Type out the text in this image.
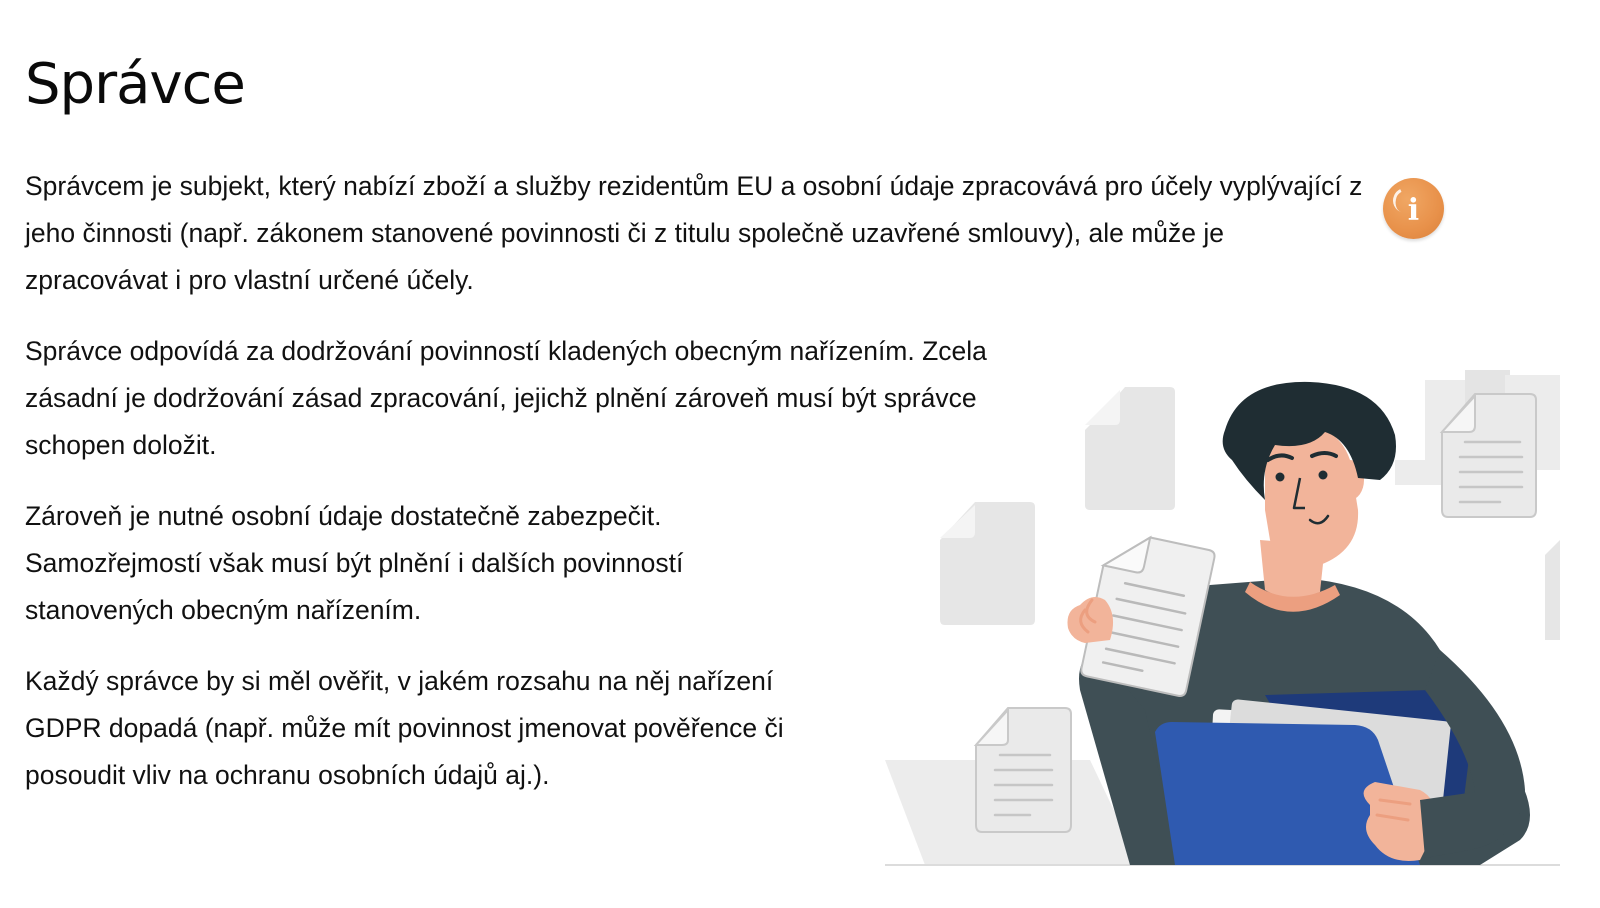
Správce

Správcem je subjekt, který nabízí zboží a služby rezidentům EU a osobní údaje zpracovává pro účely vyplývající z jeho činnosti (např. zákonem stanovené povinnosti či z titulu společně uzavřené smlouvy), ale může je zpracovávat i pro vlastní určené účely.

Správce odpovídá za dodržování povinností kladených obecným nařízením. Zcela zásadní je dodržování zásad zpracování, jejichž plnění zároveň musí být správce schopen doložit.

Zároveň je nutné osobní údaje dostatečně zabezpečit. Samozřejmostí však musí být plnění i dalších povinností stanovených obecným nařízením.

Každý správce by si měl ověřit, v jakém rozsahu na něj nařízení GDPR dopadá (např. může mít povinnost jmenovat pověřence či posoudit vliv na ochranu osobních údajů aj.).

i
